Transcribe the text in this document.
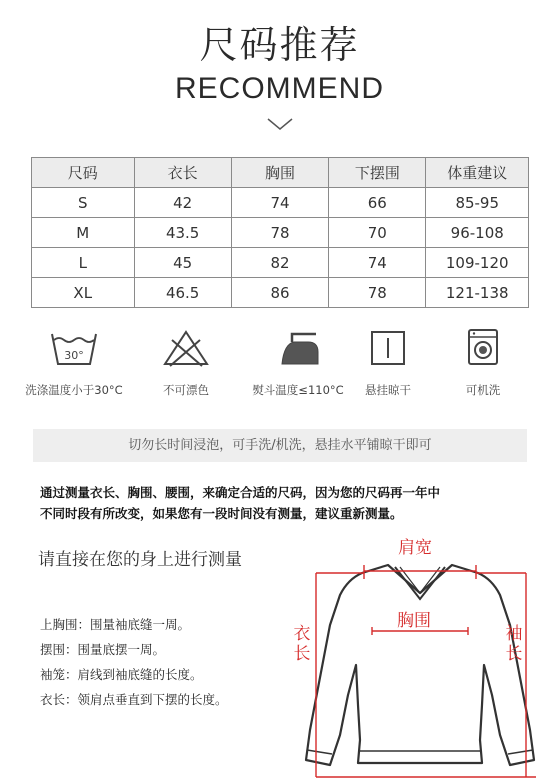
尺码推荐
RECOMMEND
尺码	衣长	胸围	下摆围	体重建议
S	42	74	66	85-95
M	43.5	78	70	96-108
L	45	82	74	109-120
XL	46.5	86	78	121-138
30°
洗涤温度小于30°C	不可漂色	熨斗温度≤110°C	悬挂晾干	可机洗
切勿长时间浸泡，可手洗/机洗，悬挂水平铺晾干即可
通过测量衣长、胸围、腰围，来确定合适的尺码，因为您的尺码再一年中
不同时段有所改变，如果您有一段时间没有测量，建议重新测量。
请直接在您的身上进行测量
上胸围：围量袖底缝一周。
摆围：围量底摆一周。
袖笼：肩线到袖底缝的长度。
衣长：领肩点垂直到下摆的长度。
肩宽
胸围
衣长
袖长
